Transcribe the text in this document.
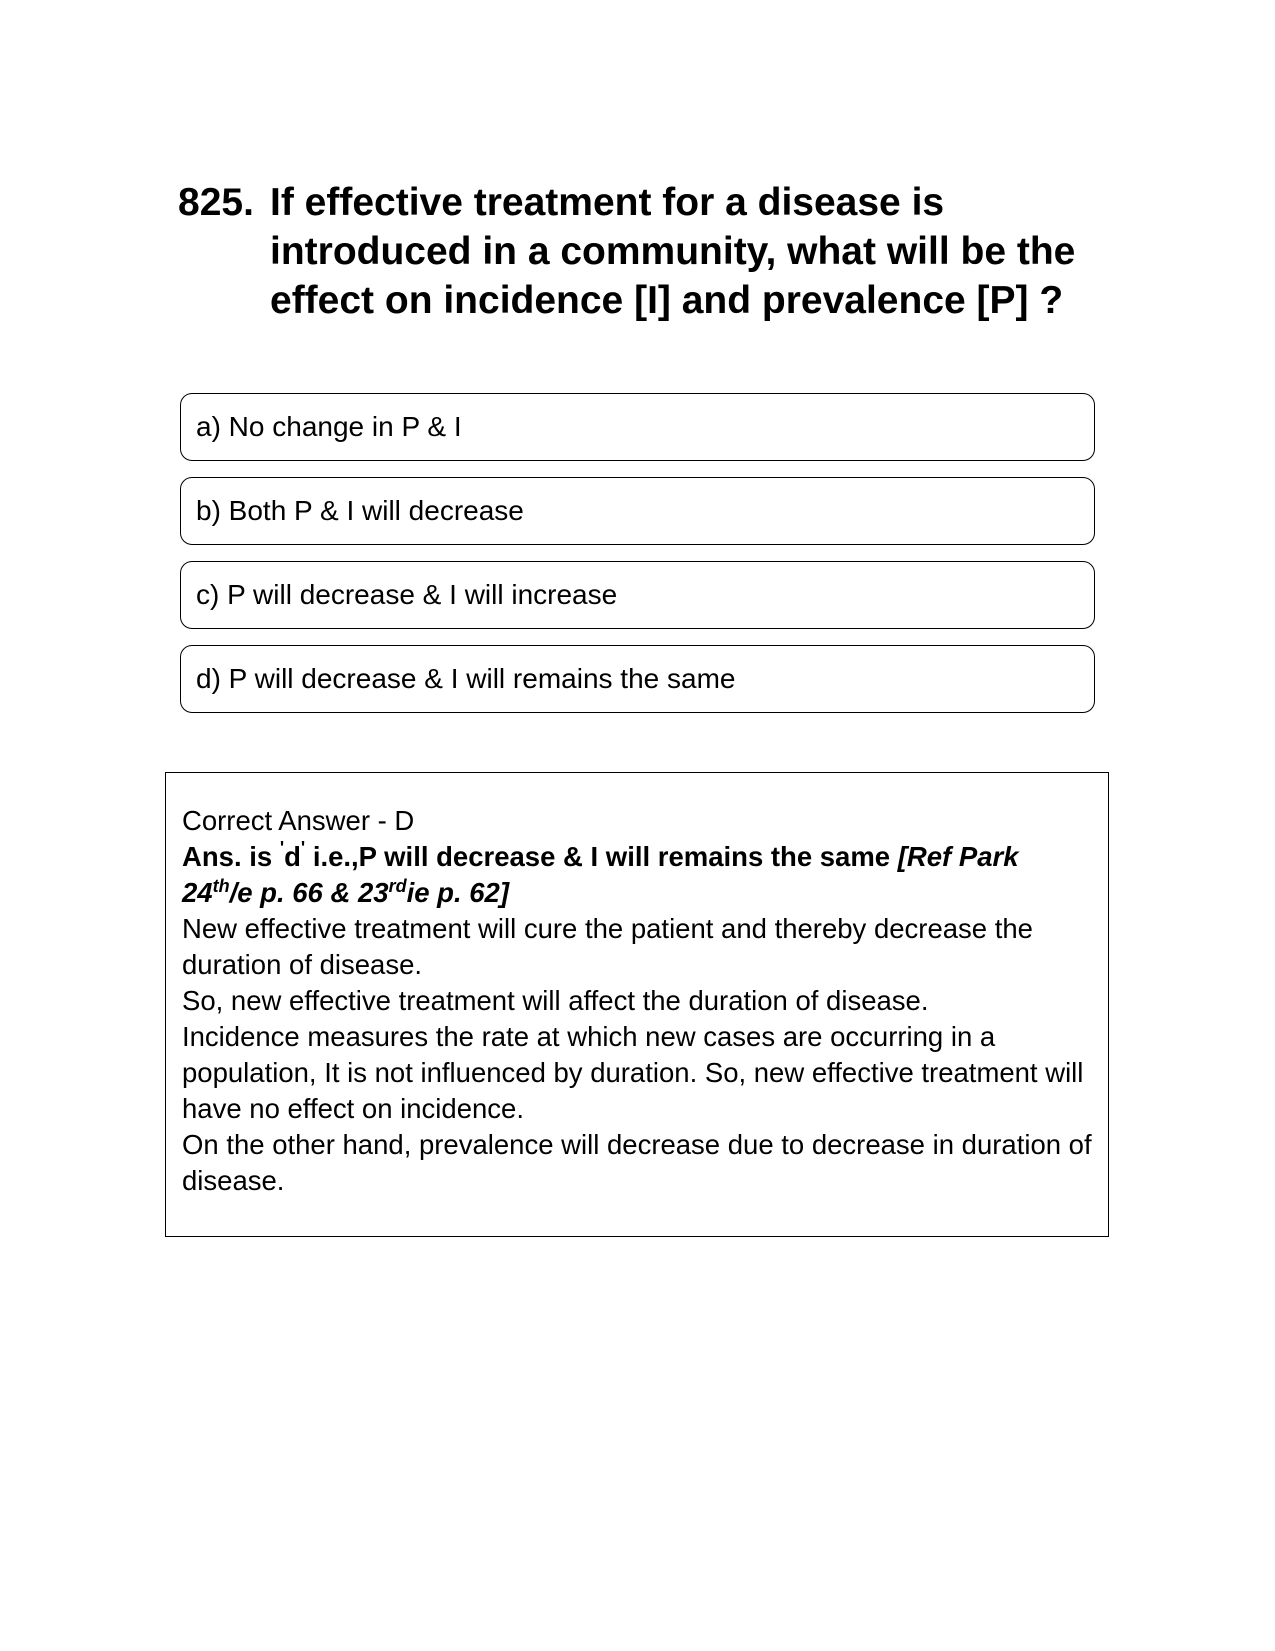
825. If effective treatment for a disease is introduced in a community, what will be the effect on incidence [I] and prevalence [P] ?
a) No change in P & I
b) Both P & I will decrease
c) P will decrease & I will increase
d) P will decrease & I will remains the same

Correct Answer - D

Ans. is 'd' i.e.,P will decrease & I will remains the same [Ref Park 24th/e p. 66 & 23rdie p. 62]

New effective treatment will cure the patient and thereby decrease the duration of disease.

So, new effective treatment will affect the duration of disease.

Incidence measures the rate at which new cases are occurring in a population, It is not influenced by duration. So, new effective treatment will have no effect on incidence.

On the other hand, prevalence will decrease due to decrease in duration of disease.
